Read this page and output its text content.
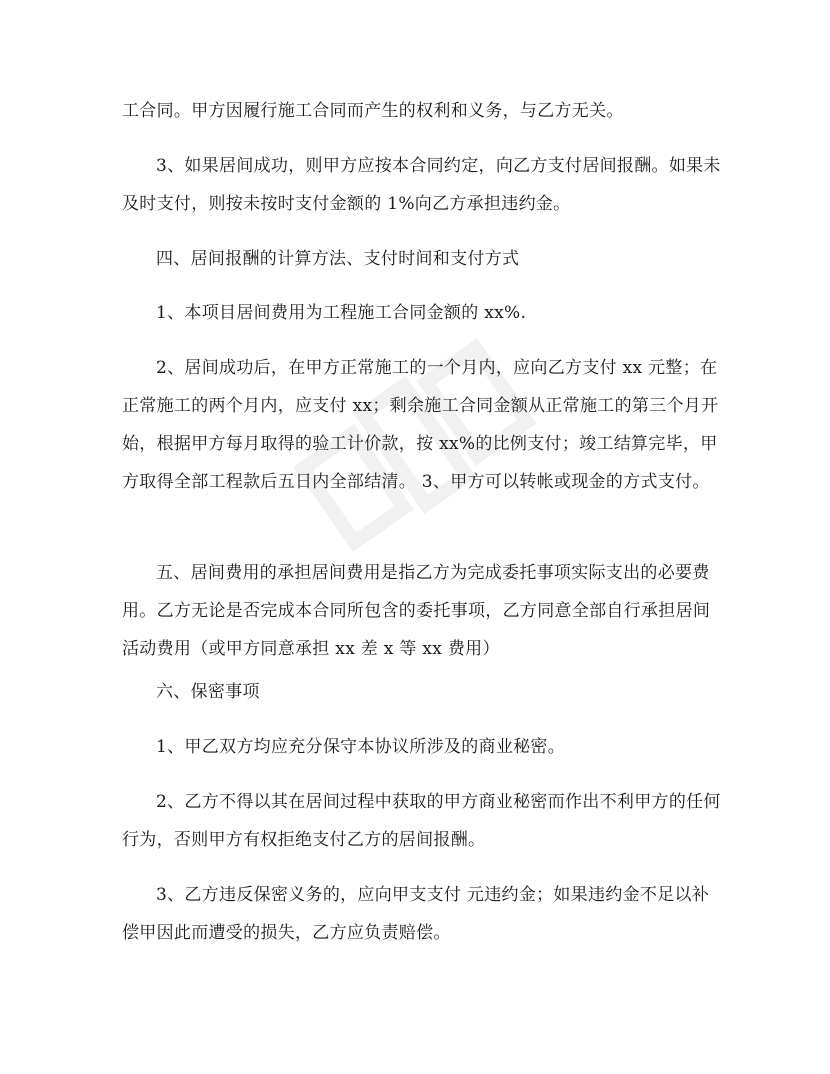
工合同。甲方因履行施工合同而产生的权利和义务，与乙方无关。

3、如果居间成功，则甲方应按本合同约定，向乙方支付居间报酬。如果未及时支付，则按未按时支付金额的 1%向乙方承担违约金。

四、居间报酬的计算方法、支付时间和支付方式

1、本项目居间费用为工程施工合同金额的 xx%.

2、居间成功后，在甲方正常施工的一个月内，应向乙方支付 xx 元整；在正常施工的两个月内，应支付 xx；剩余施工合同金额从正常施工的第三个月开始，根据甲方每月取得的验工计价款，按 xx%的比例支付；竣工结算完毕，甲方取得全部工程款后五日内全部结清。 3、甲方可以转帐或现金的方式支付。

五、居间费用的承担居间费用是指乙方为完成委托事项实际支出的必要费用。乙方无论是否完成本合同所包含的委托事项，乙方同意全部自行承担居间活动费用（或甲方同意承担 xx 差 x 等 xx 费用）

六、保密事项

1、甲乙双方均应充分保守本协议所涉及的商业秘密。

2、乙方不得以其在居间过程中获取的甲方商业秘密而作出不利甲方的任何行为，否则甲方有权拒绝支付乙方的居间报酬。

3、乙方违反保密义务的，应向甲支支付 元违约金；如果违约金不足以补偿甲因此而遭受的损失，乙方应负责赔偿。
